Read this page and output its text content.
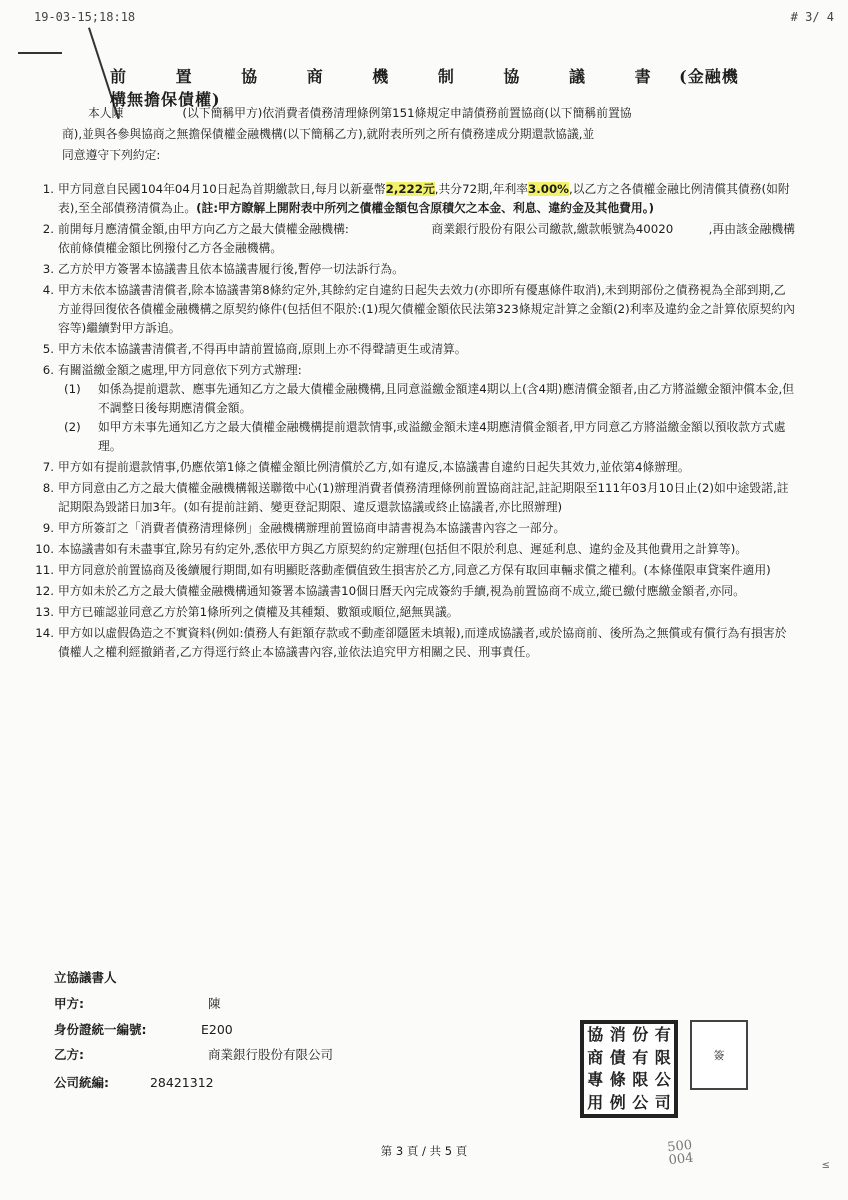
19-03-15;18:18	# 3/ 4
前 置 協 商 機 制 協 議 書 (金融機構無擔保債權)

本人陳　　　　　(以下簡稱甲方)依消費者債務清理條例第151條規定申請債務前置協商(以下簡稱前置協

商),並與各參與協商之無擔保債權金融機構(以下簡稱乙方),就附表所列之所有債務達成分期還款協議,並

同意遵守下列約定:

1. 甲方同意自民國104年04月10日起為首期繳款日,每月以新臺幣2,222元,共分72期,年利率3.00%,以乙方之各債權金融比例清償其債務(如附表),至全部債務清償為止。(註:甲方瞭解上開附表中所列之債權金額包含原積欠之本金、利息、違約金及其他費用。)
2. 前開每月應清償金額,由甲方向乙方之最大債權金融機構:　　　　　　　商業銀行股份有限公司繳款,繳款帳號為40020　　　,再由該金融機構依前條債權金額比例撥付乙方各金融機構。
3. 乙方於甲方簽署本協議書且依本協議書履行後,暫停一切法訴行為。
4. 甲方未依本協議書清償者,除本協議書第8條約定外,其餘約定自違約日起失去效力(亦即所有優惠條件取消),未到期部份之債務視為全部到期,乙方並得回復依各債權金融機構之原契約條件(包括但不限於:(1)現欠債權金額依民法第323條規定計算之金額(2)利率及違約金之計算依原契約內容等)繼續對甲方訴追。
5. 甲方未依本協議書清償者,不得再申請前置協商,原則上亦不得聲請更生或清算。
6. 有關溢繳金額之處理,甲方同意依下列方式辦理:
(1)	如係為提前還款、應事先通知乙方之最大債權金融機構,且同意溢繳金額達4期以上(含4期)應清償金額者,由乙方將溢繳金額沖償本金,但不調整日後每期應清償金額。
(2)	如甲方未事先通知乙方之最大債權金融機構提前還款情事,或溢繳金額未達4期應清償金額者,甲方同意乙方將溢繳金額以預收款方式處理。
7. 甲方如有提前還款情事,仍應依第1條之債權金額比例清償於乙方,如有違反,本協議書自違約日起失其效力,並依第4條辦理。
8. 甲方同意由乙方之最大債權金融機構報送聯徵中心(1)辦理消費者債務清理條例前置協商註記,註記期限至111年03月10日止(2)如中途毀諾,註記期限為毀諾日加3年。(如有提前註銷、變更登記期限、違反還款協議或終止協議者,亦比照辦理)
9. 甲方所簽訂之「消費者債務清理條例」金融機構辦理前置協商申請書視為本協議書內容之一部分。
10. 本協議書如有未盡事宜,除另有約定外,悉依甲方與乙方原契約約定辦理(包括但不限於利息、遲延利息、違約金及其他費用之計算等)。
11. 甲方同意於前置協商及後續履行期間,如有明顯貶落動產價值致生損害於乙方,同意乙方保有取回車輛求償之權利。(本條僅限車貸案件適用)
12. 甲方如未於乙方之最大債權金融機構通知簽署本協議書10個日曆天內完成簽約手續,視為前置協商不成立,縱已繳付應繳金額者,亦同。
13. 甲方已確認並同意乙方於第1條所列之債權及其種類、數額或順位,絕無異議。
14. 甲方如以虛假偽造之不實資料(例如:債務人有鉅額存款或不動產卻隱匿未填報),而達成協議者,或於協商前、後所為之無償或有償行為有損害於債權人之權利經撤銷者,乙方得逕行終止本協議書內容,並依法追究甲方相關之民、刑事責任。
立協議書人
甲方:	陳
身份證統一編號:	E200
乙方:	商業銀行股份有限公司
公司統編:	28421312
協 消 份 有
商 債 有 限
專 條 限 公
用 例 公 司
簽
第 3 頁 / 共 5 頁	500
004	≤
